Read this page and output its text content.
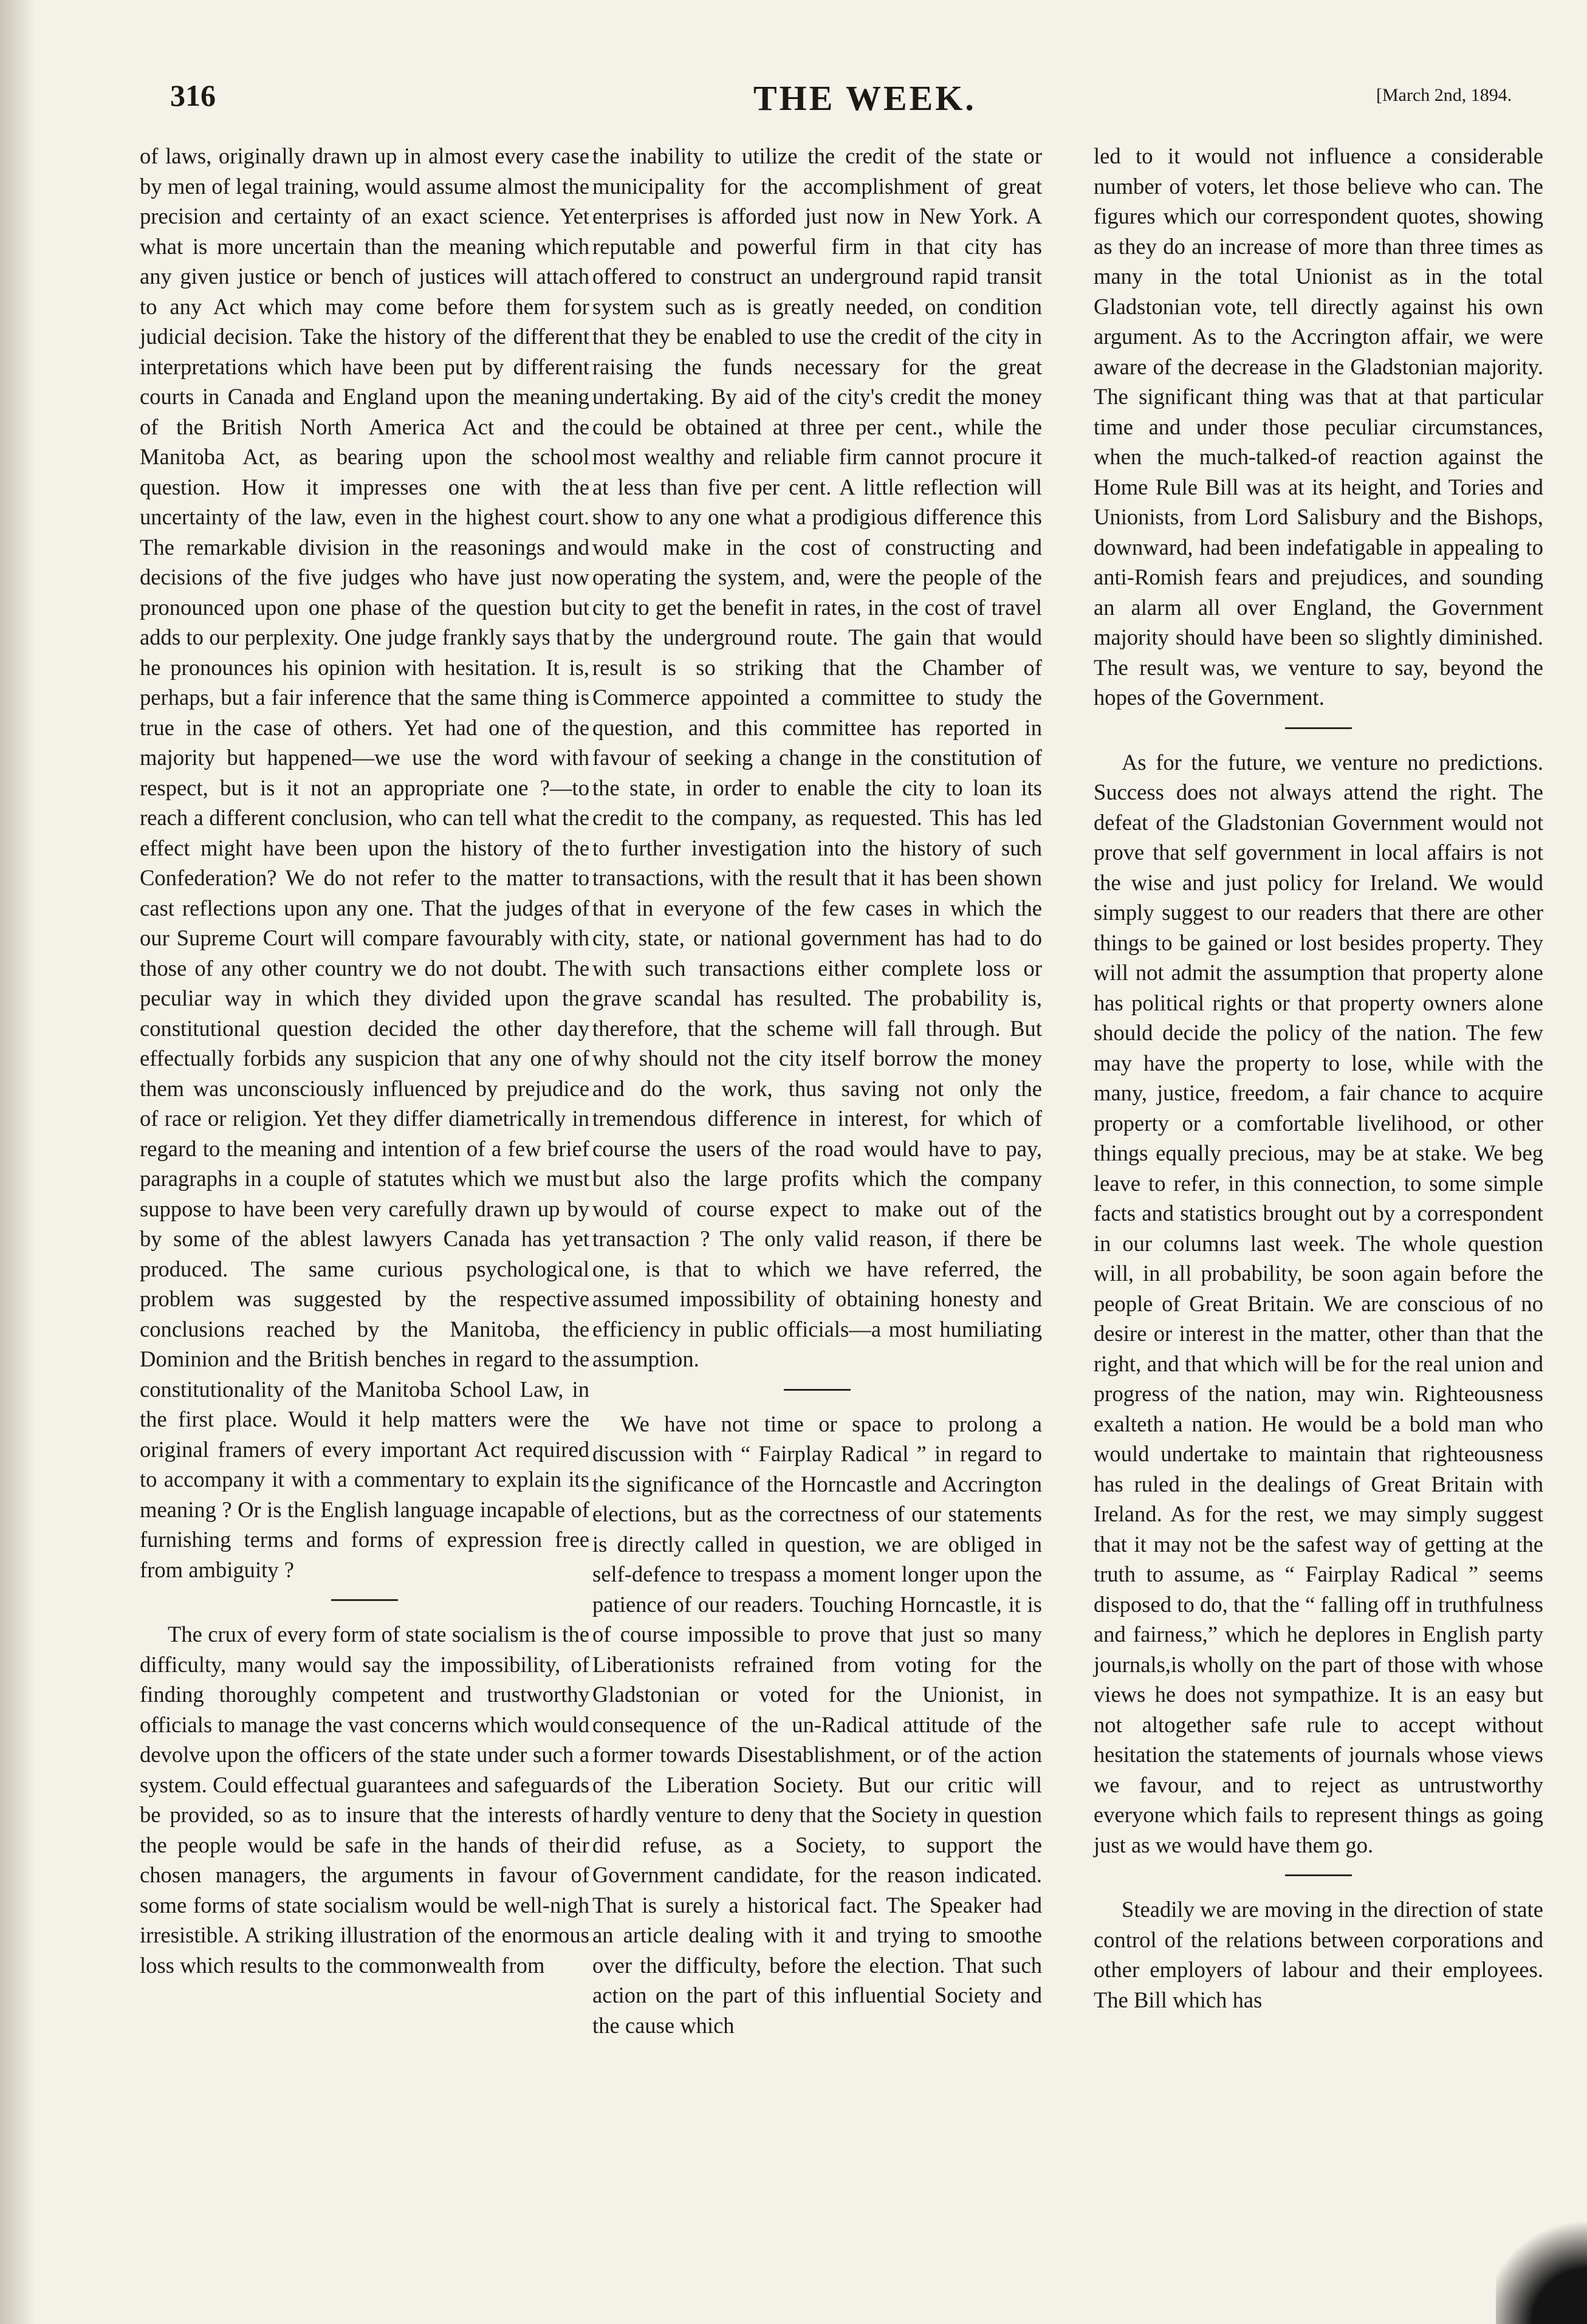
316	THE WEEK.	[March 2nd, 1894.

of laws, originally drawn up in almost every case by men of legal training, would assume almost the precision and certainty of an exact science. Yet what is more uncertain than the meaning which any given justice or bench of justices will attach to any Act which may come before them for judicial decision. Take the history of the different interpretations which have been put by different courts in Canada and England upon the meaning of the British North America Act and the Manitoba Act, as bearing upon the school question. How it impresses one with the uncertainty of the law, even in the highest court. The remarkable division in the reasonings and decisions of the five judges who have just now pronounced upon one phase of the question but adds to our perplexity. One judge frankly says that he pronounces his opinion with hesitation. It is, perhaps, but a fair inference that the same thing is true in the case of others. Yet had one of the majority but happened—we use the word with respect, but is it not an appropriate one ?—to reach a different conclusion, who can tell what the effect might have been upon the history of the Confederation? We do not refer to the matter to cast reflections upon any one. That the judges of our Supreme Court will compare favourably with those of any other country we do not doubt. The peculiar way in which they divided upon the constitutional question decided the other day effectually forbids any suspicion that any one of them was unconsciously influenced by prejudice of race or religion. Yet they differ diametrically in regard to the meaning and intention of a few brief paragraphs in a couple of statutes which we must suppose to have been very carefully drawn up by by some of the ablest lawyers Canada has yet produced. The same curious psychological problem was suggested by the respective conclusions reached by the Manitoba, the Dominion and the British benches in regard to the constitutionality of the Manitoba School Law, in the first place. Would it help matters were the original framers of every important Act required to accompany it with a commentary to explain its meaning ? Or is the English language incapable of furnishing terms and forms of expression free from ambiguity ?

The crux of every form of state socialism is the difficulty, many would say the impossibility, of finding thoroughly competent and trustworthy officials to manage the vast concerns which would devolve upon the officers of the state under such a system. Could effectual guarantees and safeguards be provided, so as to insure that the interests of the people would be safe in the hands of their chosen managers, the arguments in favour of some forms of state socialism would be well-nigh irresistible. A striking illustration of the enormous loss which results to the commonwealth from

the inability to utilize the credit of the state or municipality for the accomplishment of great enterprises is afforded just now in New York. A reputable and powerful firm in that city has offered to construct an underground rapid transit system such as is greatly needed, on condition that they be enabled to use the credit of the city in raising the funds necessary for the great undertaking. By aid of the city's credit the money could be obtained at three per cent., while the most wealthy and reliable firm cannot procure it at less than five per cent. A little reflection will show to any one what a prodigious difference this would make in the cost of constructing and operating the system, and, were the people of the city to get the benefit in rates, in the cost of travel by the underground route. The gain that would result is so striking that the Chamber of Commerce appointed a committee to study the question, and this committee has reported in favour of seeking a change in the constitution of the state, in order to enable the city to loan its credit to the company, as requested. This has led to further investigation into the history of such transactions, with the result that it has been shown that in everyone of the few cases in which the city, state, or national government has had to do with such transactions either complete loss or grave scandal has resulted. The probability is, therefore, that the scheme will fall through. But why should not the city itself borrow the money and do the work, thus saving not only the tremendous difference in interest, for which of course the users of the road would have to pay, but also the large profits which the company would of course expect to make out of the transaction ? The only valid reason, if there be one, is that to which we have referred, the assumed impossibility of obtaining honesty and efficiency in public officials—a most humiliating assumption.

We have not time or space to prolong a discussion with “ Fairplay Radical ” in regard to the significance of the Horncastle and Accrington elections, but as the correctness of our statements is directly called in question, we are obliged in self-defence to trespass a moment longer upon the patience of our readers. Touching Horncastle, it is of course impossible to prove that just so many Liberationists refrained from voting for the Gladstonian or voted for the Unionist, in consequence of the un-Radical attitude of the former towards Disestablishment, or of the action of the Liberation Society. But our critic will hardly venture to deny that the Society in question did refuse, as a Society, to support the Government candidate, for the reason indicated. That is surely a historical fact. The Speaker had an article dealing with it and trying to smoothe over the difficulty, before the election. That such action on the part of this influential Society and the cause which

led to it would not influence a considerable number of voters, let those believe who can. The figures which our correspondent quotes, showing as they do an increase of more than three times as many in the total Unionist as in the total Gladstonian vote, tell directly against his own argument. As to the Accrington affair, we were aware of the decrease in the Gladstonian majority. The significant thing was that at that particular time and under those peculiar circumstances, when the much-talked-of reaction against the Home Rule Bill was at its height, and Tories and Unionists, from Lord Salisbury and the Bishops, downward, had been indefatigable in appealing to anti-Romish fears and prejudices, and sounding an alarm all over England, the Government majority should have been so slightly diminished. The result was, we venture to say, beyond the hopes of the Government.

As for the future, we venture no predictions. Success does not always attend the right. The defeat of the Gladstonian Government would not prove that self government in local affairs is not the wise and just policy for Ireland. We would simply suggest to our readers that there are other things to be gained or lost besides property. They will not admit the assumption that property alone has political rights or that property owners alone should decide the policy of the nation. The few may have the property to lose, while with the many, justice, freedom, a fair chance to acquire property or a comfortable livelihood, or other things equally precious, may be at stake. We beg leave to refer, in this connection, to some simple facts and statistics brought out by a correspondent in our columns last week. The whole question will, in all probability, be soon again before the people of Great Britain. We are conscious of no desire or interest in the matter, other than that the right, and that which will be for the real union and progress of the nation, may win. Righteousness exalteth a nation. He would be a bold man who would undertake to maintain that righteousness has ruled in the dealings of Great Britain with Ireland. As for the rest, we may simply suggest that it may not be the safest way of getting at the truth to assume, as “ Fairplay Radical ” seems disposed to do, that the “ falling off in truthfulness and fairness,” which he deplores in English party journals,is wholly on the part of those with whose views he does not sympathize. It is an easy but not altogether safe rule to accept without hesitation the statements of journals whose views we favour, and to reject as untrustworthy everyone which fails to represent things as going just as we would have them go.

Steadily we are moving in the direction of state control of the relations between corporations and other employers of labour and their employees. The Bill which has
